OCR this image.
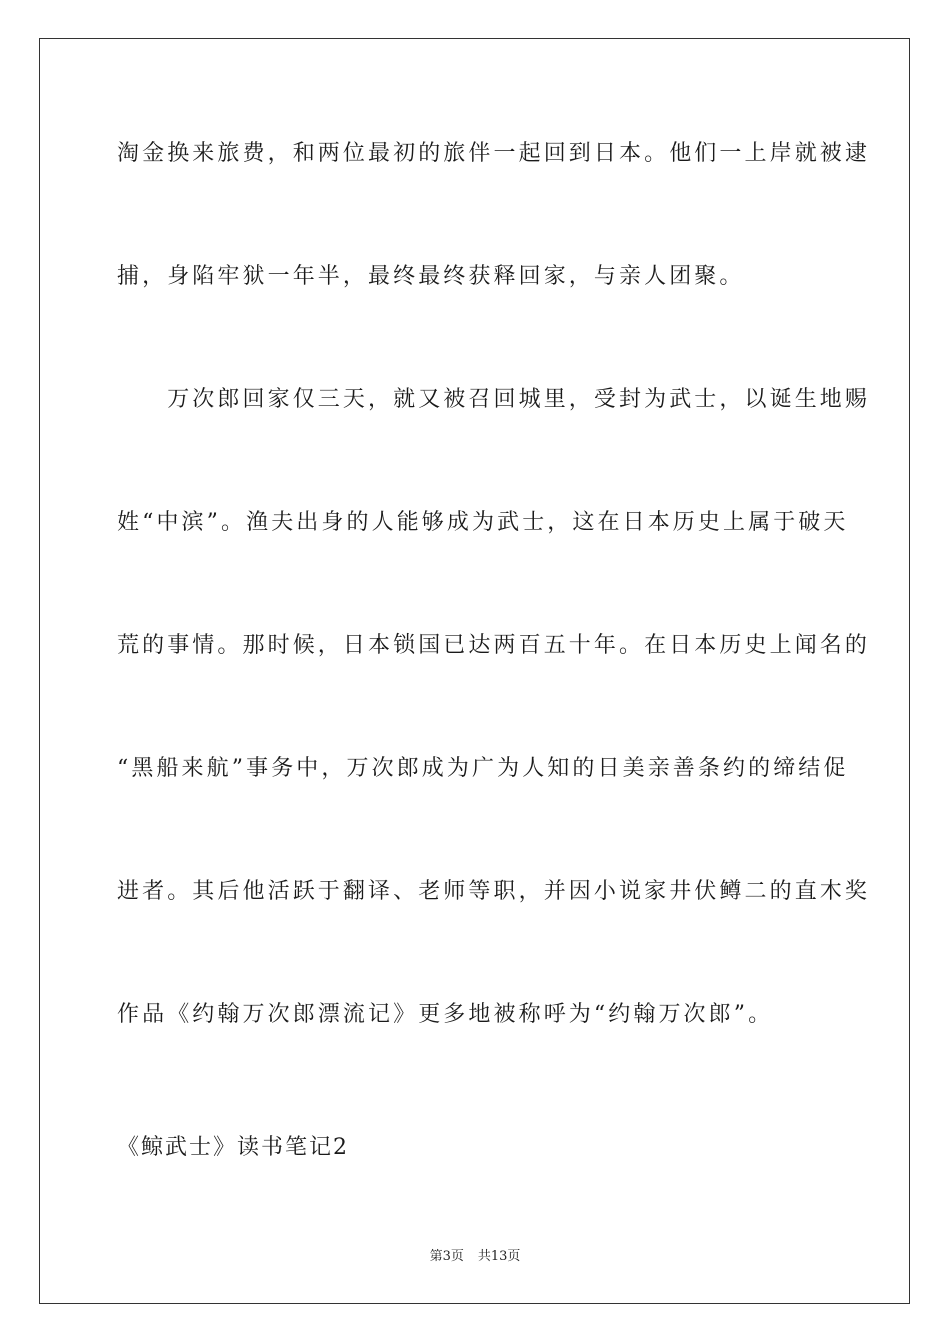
淘金换来旅费，和两位最初的旅伴一起回到日本。他们一上岸就被逮
捕，身陷牢狱一年半，最终最终获释回家，与亲人团聚。
　　万次郎回家仅三天，就又被召回城里，受封为武士，以诞生地赐
姓“中滨”。渔夫出身的人能够成为武士，这在日本历史上属于破天
荒的事情。那时候，日本锁国已达两百五十年。在日本历史上闻名的
“黑船来航”事务中，万次郎成为广为人知的日美亲善条约的缔结促
进者。其后他活跃于翻译、老师等职，并因小说家井伏鳟二的直木奖
作品《约翰万次郎漂流记》更多地被称呼为“约翰万次郎”。
《鲸武士》读书笔记2
第3页 共13页
